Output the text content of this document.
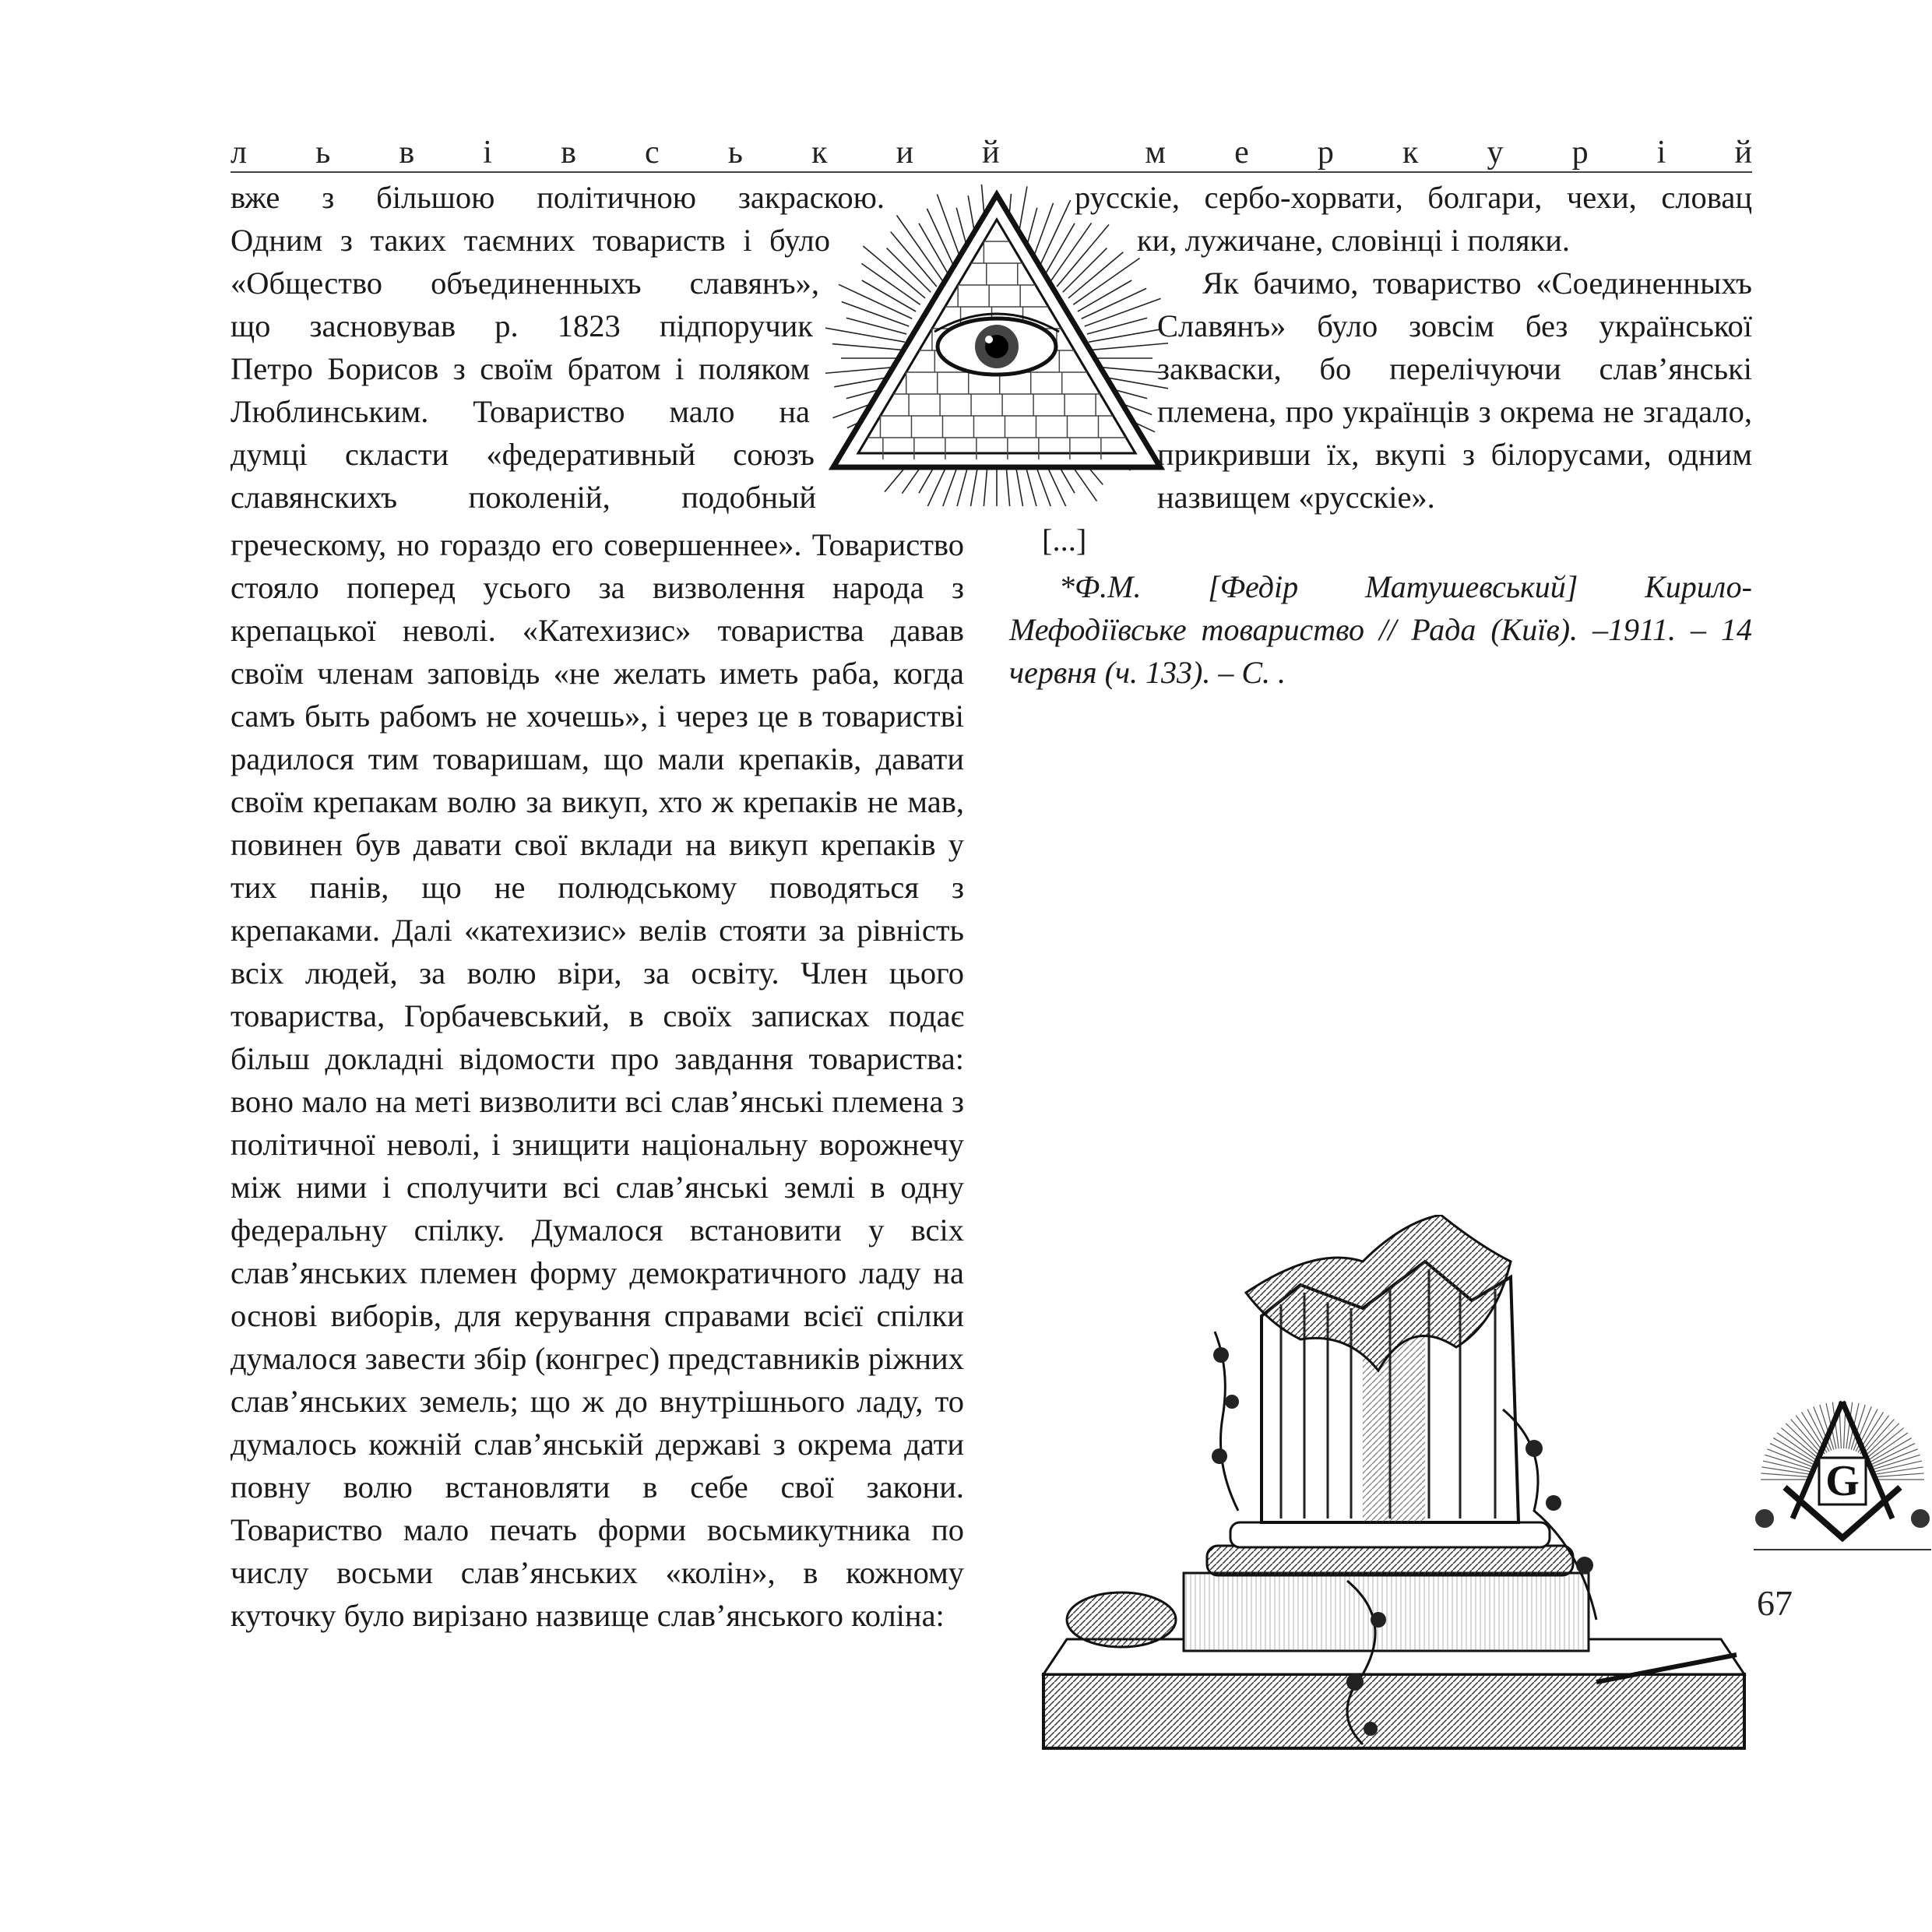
л ь в і в с ь к и й
	м е р к у р і й

вже з більшою політичною закраскою.

Одним з таких таємних товариств і було

«Общество объединенныхъ славянъ»,

що засновував р. 1823 підпоручик

Петро Борисов з своїм братом і поляком

Люблинським. Товариство мало на

думці скласти «федеративный союзъ

славянскихъ поколеній, подобный

греческому, но гораздо его совершеннее». Товариство стояло поперед усього за визволення народа з крепацької неволі. «Катехизис» товариства давав своїм членам заповідь «не желать иметь раба, когда самъ быть рабомъ не хочешь», і через це в товаристві радилося тим товаришам, що мали крепаків, давати своїм крепакам волю за викуп, хто ж крепаків не мав, повинен був давати свої вклади на викуп крепаків у тих панів, що не полюдському поводяться з крепаками. Далі «катехизис» велів стояти за рівність всіх людей, за волю віри, за освіту. Член цього товариства, Горбачевський, в своїх записках подає більш докладні відомости про завдання товариства: воно мало на меті визволити всі слав’янські племена з політичної неволі, і знищити національну ворожнечу між ними і сполучити всі слав’янські землі в одну федеральну спілку. Думалося встановити у всіх слав’янських племен форму демократичного ладу на основі виборів, для керування справами всієї спілки думалося завести збір (конгрес) представників ріжних слав’янських земель; що ж до внутрішнього ладу, то думалось кожній слав’янській державі з окрема дати повну волю встановляти в себе свої закони. Товариство мало печать форми восьмикутника по числу восьми слав’янських «колін», в кожному куточку було вирізано назвище слав’янського коліна:

русскіе, сербо-хорвати, болгари, чехи, словац

ки, лужичане, словінці і поляки.

Як бачимо, товариство «Соединенныхъ Славянъ» було зовсім без української закваски, бо перелічуючи слав’янські племена, про українців з окрема не згадало, прикривши їх, вкупі з білорусами, одним назвищем «русскіе».

[...]

*Ф.М. [Федір Матушевський] Кирило-Мефодіївське товариство // Рада (Київ). –1911. – 14 червня (ч. 133). – С. .

G
67
